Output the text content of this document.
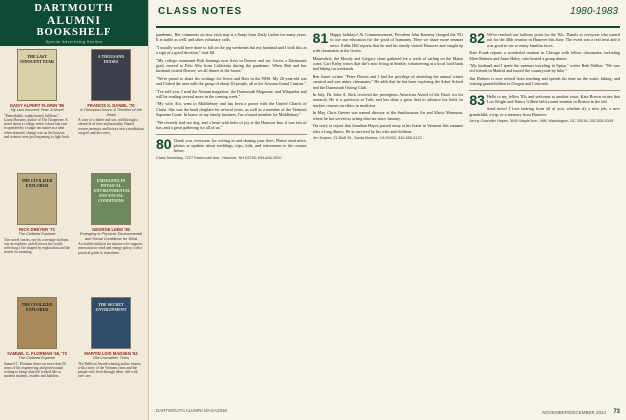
DARTMOUTH
ALUMNI
BOOKSHELF
Special Advertising Section
THE LAST INNOCENT YEAR
DAISY ALPERT FLORIN '85
My Last Innocent Year: A Novel
"Remarkable, sophisticated, brilliant." - Laura Moriarty, author of The Chaperone. A novel about a college senior whose last year is upended by a single encounter at a time when dramatic change was on the horizon and women were just beginning to fight back.
A THOUSAND DOORS
FRANCIS X. DANIEL '70
A Thousand Doors: A Timeline of the Dead
A story of a father and son, told through a chronicle of time and mortality. Daniel weaves memory and history into a meditation on grief and discovery.
THE CIVILIZED EXPLORER
RICK DREYER '73
The Civilized Explorer
Two travel stories, one by a teenage ski bum, one an explorer, unfold across the world, reflecting a life shaped by exploration and the search for meaning.
EMERGING IN PHYSICAL ENVIRONMENTAL AND SOCIAL CONDITIONS
GEORGE LEBO '80
Emerging in Physical, Environmental and Social Conditions for Wind
Accessible analysis for anyone who supports innovation in wind and energy policy, with a practical guide to transitions.
THE CIVILIZED EXPLORER
SAMUEL C. FLORMAN '46, '73
The Civilized Explorer
Samuel C. Florman draws on more than 50 years of his engineering and professional writing to bring what life looked like to modern students, readers and builders.
THE SECRET ENVIRONMENT
MARTIN LOIS MADSEN '52
Old Crocodiles' Tears
The Baldwin Award-winning author returns with a story of the Vietnam years and the people who lived through them, told with rare care.
CLASS NOTES	1980-1983

pandemic. Her comments on how each step is a Sonja from Daily Ladies for many years. It is stable as well, and takes voluntary calls.

"I usually would have done to fall on the jog weekends but my husband and I took this as a sign of a good decision," said Jill.

"My college roommate Bob Jennings now lives in Denver and we, Gwen, a Dartmouth grad, moved to Palo Alto from California during the pandemic. When Bob and her husband visited Denver, we all dinner at the house."

"We're proud to share his writings for Swiss and Hats in the NHS. My 26-year-old son and I hiked the area with the group of about 30 people, all at the Arizona Grand Canyon."

"I've told you, I read the Alumni magazine, the Dartmouth Magazine, and Wikipedia and will be reading several more in the coming week."

"My wife, Kit, went to Middlebury and has been a pastor with the United Church of Christ. She was the head chaplain for several years, as well as a member of the Vermont Supreme Court. In honor of my family business, I'm a board member for Middlebury."

"We recently had our dog, and a heart with bolts of joy at the Hanover Inn; it was lots of fun, and a great gathering for all of us."

80 Thank you, everyone, for writing in and sharing your lives. Please send news, photos or updates about weddings, trips, kids, and retirements to the contact below.

Class Secretary, 7227 Dartmouth Ave., Hanover, NH 03755; 603-646-2000

81 Happy holidays! At Commencement, President John Kemeny charged the '81s to use our education for the good of humanity. Here we share more reunion news. Eddie Hill reports that he and his family visited Hanover and caught up with classmates at the Green.

Meanwhile, the Moody and Gregory clans gathered for a week of sailing on the Maine coast; Cari Kirby writes that she's now living in Seattle, volunteering at a local food bank and hiking on weekends.

Ben Juster writes: "Peter Downs and I had the privilege of attending the annual winter carnival and saw many classmates." He adds that he has been exploring the Sobel School and the Dartmouth Outing Club.

In July, Dr. John A. Kirk received the prestigious American Award of the Fund, for his research. He is a professor at Tufts and has done a great deal to advance his field; he teaches courses on ethics in medicine.

In May, Chris Greene was named director of the Smithsonian Art and Music Museums, where he has served as acting director since January.

I'm sorry to report that Jonathan Hayes passed away at his home in Vermont this summer after a long illness. He is survived by his wife and children.

Jim Doyles, 21 Bluff St., Santa Monica, CA 90402; 310-555-0122

82 We've reached our halfway point for the '82s. Thanks to everyone who turned out for the 40th reunion in Hanover this June. The event was a real treat and it was good to see so many familiar faces.

Kate Frank reports a wonderful reunion in Chicago with fellow classmates, including Ellen Roberts and Anne Haley, who hosted a group dinner.

"My husband and I spent the summer traveling in Spain," writes Beth Walker. "We saw old friends in Madrid and toured the countryside by bike."

Jim Holmes is now retired from teaching and spends his time on the water, hiking, and visiting grandchildren in Oregon and Colorado.

83 Hello to my fellow '83s and welcome to another issue. Kate Brown writes that Lou Wright and Nancy Gilbert held a mini-reunion in Boston in the fall.

Send news! I love hearing from all of you, whether it's a new job, a new grandchild, a trip, or a memory from Hanover.

Jenny Chandler Hayes, 3000 Maple Ave., NW, Washington, DC 20016; 202-555-0145
DARTMOUTH ALUMNI MAGAZINE	NOVEMBER/DECEMBER 2024 73
